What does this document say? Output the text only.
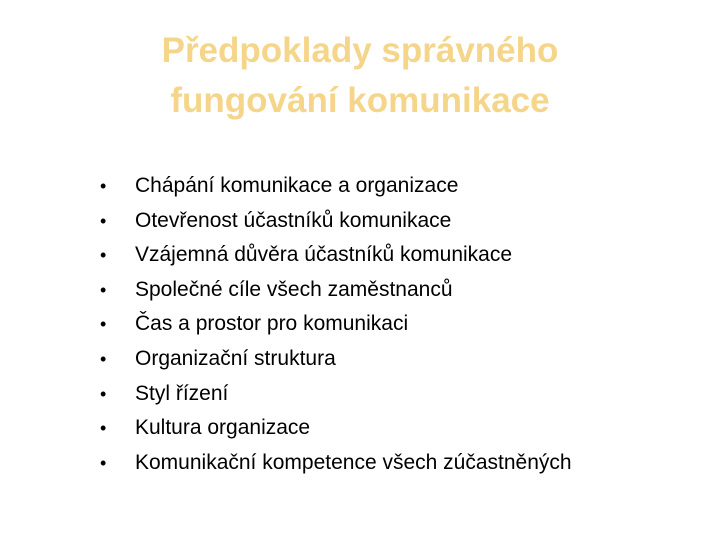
Předpoklady správného
fungování komunikace
•	Chápání komunikace a organizace
•	Otevřenost účastníků komunikace
•	Vzájemná důvěra účastníků komunikace
•	Společné cíle všech zaměstnanců
•	Čas a prostor pro komunikaci
•	Organizační struktura
•	Styl řízení
•	Kultura organizace
•	Komunikační kompetence všech zúčastněných
